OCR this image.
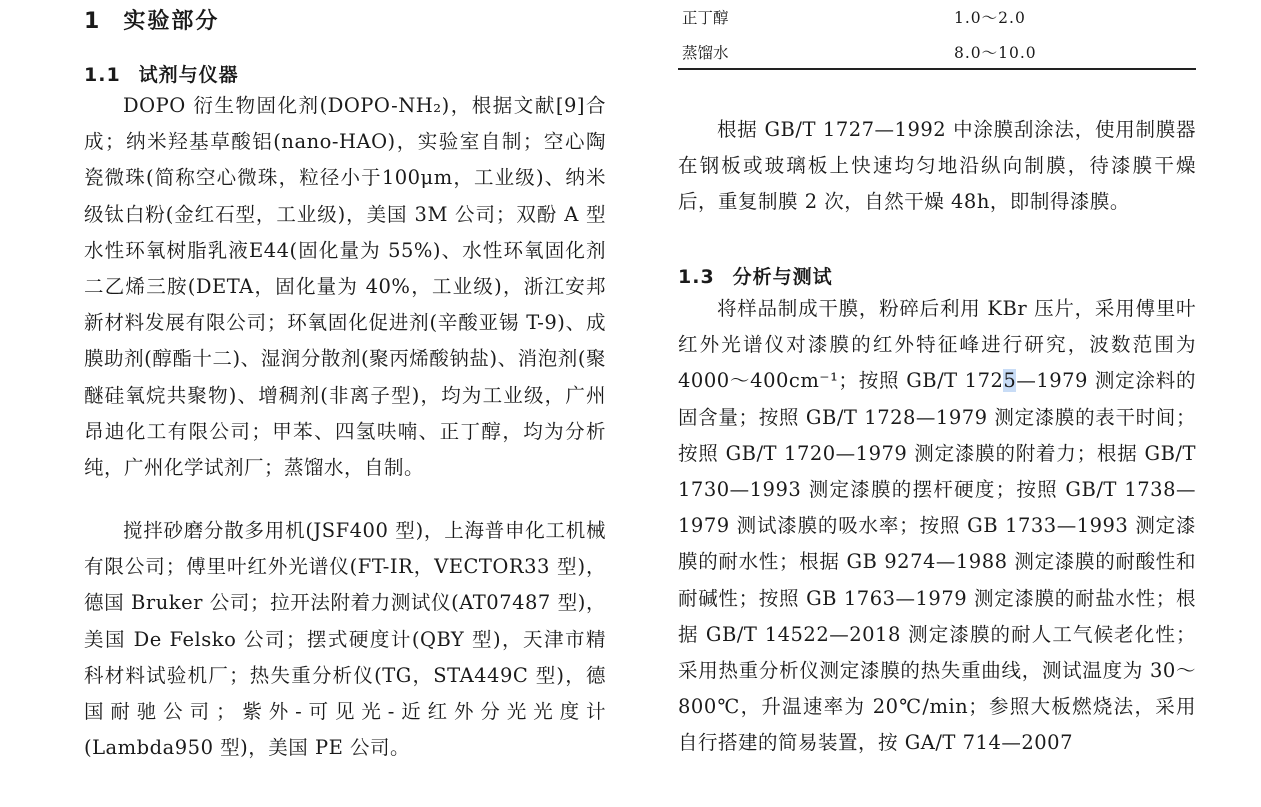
1 实验部分
1.1 试剂与仪器
DOPO 衍生物固化剂(DOPO-NH₂)，根据文献[9]合成；纳米羟基草酸铝(nano-HAO)，实验室自制；空心陶瓷微珠(简称空心微珠，粒径小于100μm，工业级)、纳米级钛白粉(金红石型，工业级)，美国 3M 公司；双酚 A 型水性环氧树脂乳液E44(固化量为 55%)、水性环氧固化剂二乙烯三胺(DETA，固化量为 40%，工业级)，浙江安邦新材料发展有限公司；环氧固化促进剂(辛酸亚锡 T-9)、成膜助剂(醇酯十二)、湿润分散剂(聚丙烯酸钠盐)、消泡剂(聚醚硅氧烷共聚物)、增稠剂(非离子型)，均为工业级，广州昂迪化工有限公司；甲苯、四氢呋喃、正丁醇，均为分析纯，广州化学试剂厂；蒸馏水，自制。
搅拌砂磨分散多用机(JSF400 型)，上海普申化工机械有限公司；傅里叶红外光谱仪(FT-IR，VECTOR33 型)，德国 Bruker 公司；拉开法附着力测试仪(AT07487 型)，美国 De Felsko 公司；摆式硬度计(QBY 型)，天津市精科材料试验机厂；热失重分析仪(TG，STA449C 型)，德国耐驰公司；紫外-可见光-近红外分光光度计(Lambda950 型)，美国 PE 公司。
正丁醇	1.0～2.0
蒸馏水	8.0～10.0
根据 GB/T 1727—1992 中涂膜刮涂法，使用制膜器在钢板或玻璃板上快速均匀地沿纵向制膜，待漆膜干燥后，重复制膜 2 次，自然干燥 48h，即制得漆膜。
1.3 分析与测试
将样品制成干膜，粉碎后利用 KBr 压片，采用傅里叶红外光谱仪对漆膜的红外特征峰进行研究，波数范围为 4000～400cm⁻¹；按照 GB/T 1725—1979 测定涂料的固含量；按照 GB/T 1728—1979 测定漆膜的表干时间；按照 GB/T 1720—1979 测定漆膜的附着力；根据 GB/T 1730—1993 测定漆膜的摆杆硬度；按照 GB/T 1738—1979 测试漆膜的吸水率；按照 GB 1733—1993 测定漆膜的耐水性；根据 GB 9274—1988 测定漆膜的耐酸性和耐碱性；按照 GB 1763—1979 测定漆膜的耐盐水性；根据 GB/T 14522—2018 测定漆膜的耐人工气候老化性；采用热重分析仪测定漆膜的热失重曲线，测试温度为 30～800℃，升温速率为 20℃/min；参照大板燃烧法，采用自行搭建的简易装置，按 GA/T 714—2007
